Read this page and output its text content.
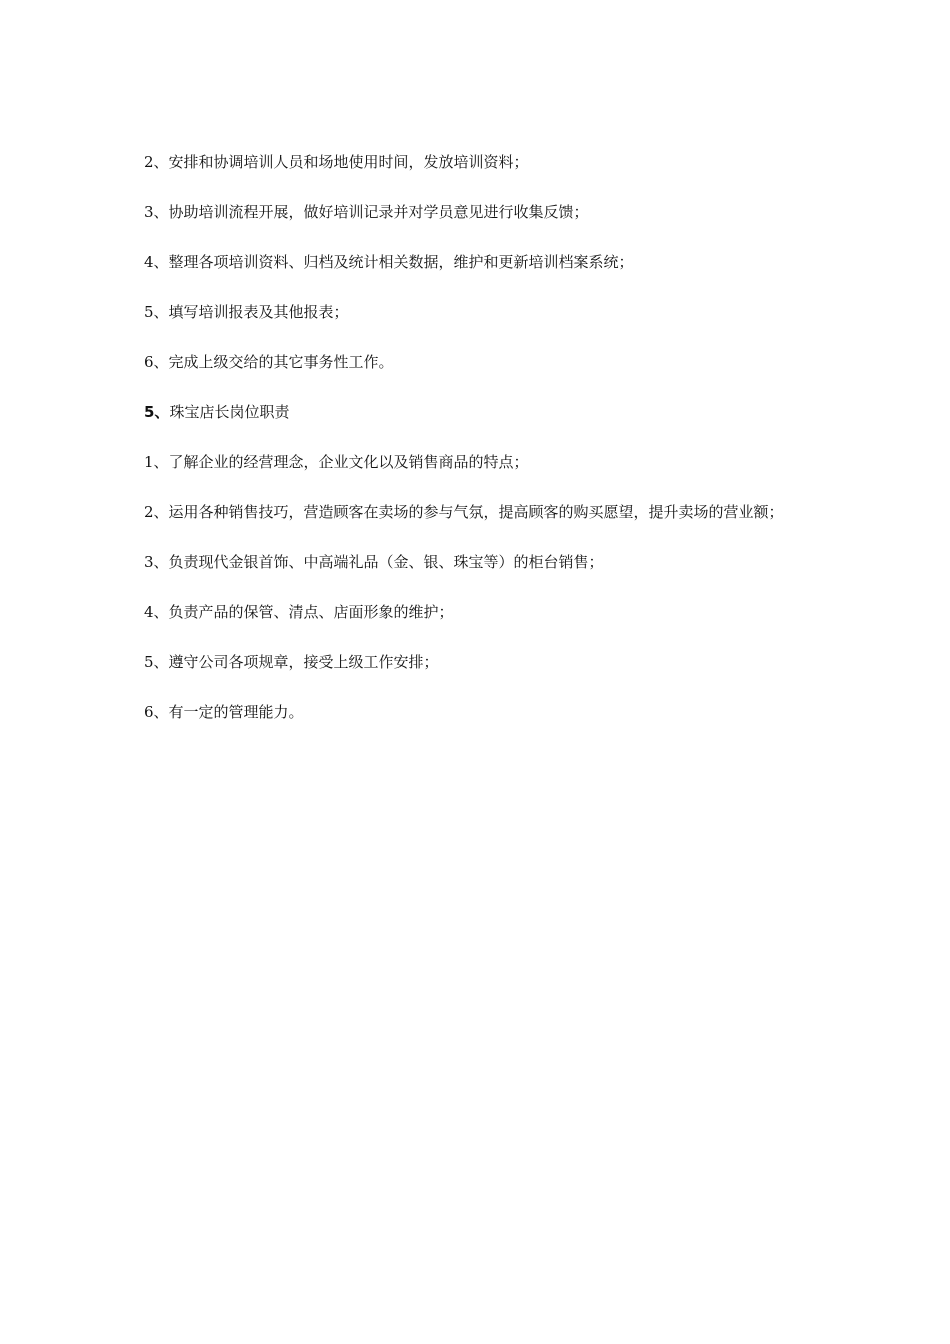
2、安排和协调培训人员和场地使用时间，发放培训资料；

3、协助培训流程开展，做好培训记录并对学员意见进行收集反馈；

4、整理各项培训资料、归档及统计相关数据，维护和更新培训档案系统；

5、填写培训报表及其他报表；

6、完成上级交给的其它事务性工作。

5、珠宝店长岗位职责

1、了解企业的经营理念，企业文化以及销售商品的特点；

2、运用各种销售技巧，营造顾客在卖场的参与气氛，提高顾客的购买愿望，提升卖场的营业额；

3、负责现代金银首饰、中高端礼品（金、银、珠宝等）的柜台销售；

4、负责产品的保管、清点、店面形象的维护；

5、遵守公司各项规章，接受上级工作安排；

6、有一定的管理能力。
